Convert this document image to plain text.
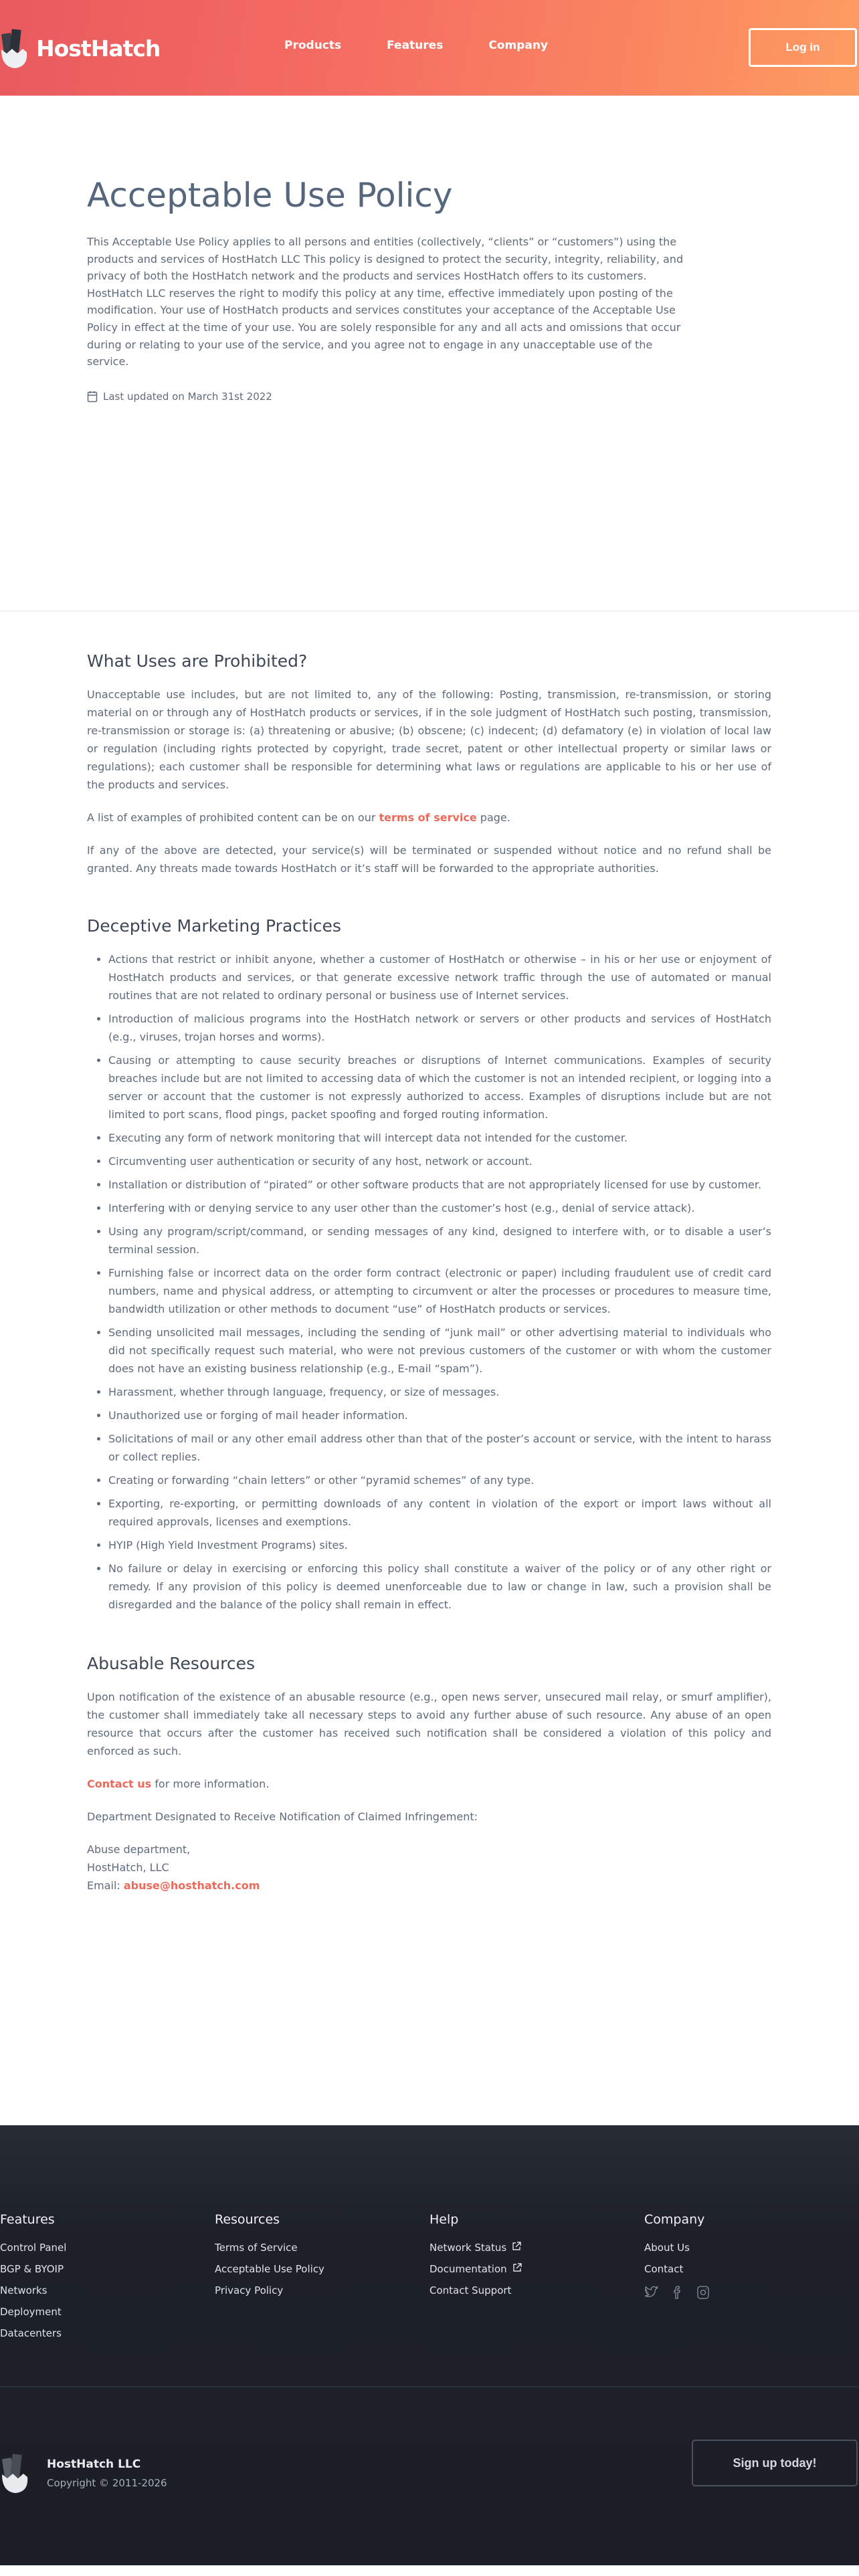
HostHatch	Products	Features	Company	Log in
Acceptable Use Policy

This Acceptable Use Policy applies to all persons and entities (collectively, “clients” or “customers”) using the products and services of HostHatch LLC This policy is designed to protect the security, integrity, reliability, and privacy of both the HostHatch network and the products and services HostHatch offers to its customers. HostHatch LLC reserves the right to modify this policy at any time, effective immediately upon posting of the modification. Your use of HostHatch products and services constitutes your acceptance of the Acceptable Use Policy in effect at the time of your use. You are solely responsible for any and all acts and omissions that occur during or relating to your use of the service, and you agree not to engage in any unacceptable use of the service.

Last updated on March 31st 2022
What Uses are Prohibited?

Unacceptable use includes, but are not limited to, any of the following: Posting, transmission, re-transmission, or storing material on or through any of HostHatch products or services, if in the sole judgment of HostHatch such posting, transmission, re-transmission or storage is: (a) threatening or abusive; (b) obscene; (c) indecent; (d) defamatory (e) in violation of local law or regulation (including rights protected by copyright, trade secret, patent or other intellectual property or similar laws or regulations); each customer shall be responsible for determining what laws or regulations are applicable to his or her use of the products and services.

A list of examples of prohibited content can be on our terms of service page.

If any of the above are detected, your service(s) will be terminated or suspended without notice and no refund shall be granted. Any threats made towards HostHatch or it’s staff will be forwarded to the appropriate authorities.

Deceptive Marketing Practices
• Actions that restrict or inhibit anyone, whether a customer of HostHatch or otherwise – in his or her use or enjoyment of HostHatch products and services, or that generate excessive network traffic through the use of automated or manual routines that are not related to ordinary personal or business use of Internet services.
• Introduction of malicious programs into the HostHatch network or servers or other products and services of HostHatch (e.g., viruses, trojan horses and worms).
• Causing or attempting to cause security breaches or disruptions of Internet communications. Examples of security breaches include but are not limited to accessing data of which the customer is not an intended recipient, or logging into a server or account that the customer is not expressly authorized to access. Examples of disruptions include but are not limited to port scans, flood pings, packet spoofing and forged routing information.
• Executing any form of network monitoring that will intercept data not intended for the customer.
• Circumventing user authentication or security of any host, network or account.
• Installation or distribution of “pirated” or other software products that are not appropriately licensed for use by customer.
• Interfering with or denying service to any user other than the customer’s host (e.g., denial of service attack).
• Using any program/script/command, or sending messages of any kind, designed to interfere with, or to disable a user’s terminal session.
• Furnishing false or incorrect data on the order form contract (electronic or paper) including fraudulent use of credit card numbers, name and physical address, or attempting to circumvent or alter the processes or procedures to measure time, bandwidth utilization or other methods to document “use” of HostHatch products or services.
• Sending unsolicited mail messages, including the sending of “junk mail” or other advertising material to individuals who did not specifically request such material, who were not previous customers of the customer or with whom the customer does not have an existing business relationship (e.g., E-mail “spam”).
• Harassment, whether through language, frequency, or size of messages.
• Unauthorized use or forging of mail header information.
• Solicitations of mail or any other email address other than that of the poster’s account or service, with the intent to harass or collect replies.
• Creating or forwarding “chain letters” or other “pyramid schemes” of any type.
• Exporting, re-exporting, or permitting downloads of any content in violation of the export or import laws without all required approvals, licenses and exemptions.
• HYIP (High Yield Investment Programs) sites.
• No failure or delay in exercising or enforcing this policy shall constitute a waiver of the policy or of any other right or remedy. If any provision of this policy is deemed unenforceable due to law or change in law, such a provision shall be disregarded and the balance of the policy shall remain in effect.
Abusable Resources

Upon notification of the existence of an abusable resource (e.g., open news server, unsecured mail relay, or smurf amplifier), the customer shall immediately take all necessary steps to avoid any further abuse of such resource. Any abuse of an open resource that occurs after the customer has received such notification shall be considered a violation of this policy and enforced as such.

Contact us for more information.

Department Designated to Receive Notification of Claimed Infringement:

Abuse department,
HostHatch, LLC
Email: abuse@hosthatch.com
Features
Control Panel
BGP & BYOIP
Networks
Deployment
Datacenters
Resources
Terms of Service
Acceptable Use Policy
Privacy Policy
Help
Network Status
Documentation
Contact Support
Company
About Us
Contact
HostHatch LLC
Copyright © 2011-2026
Sign up today!
